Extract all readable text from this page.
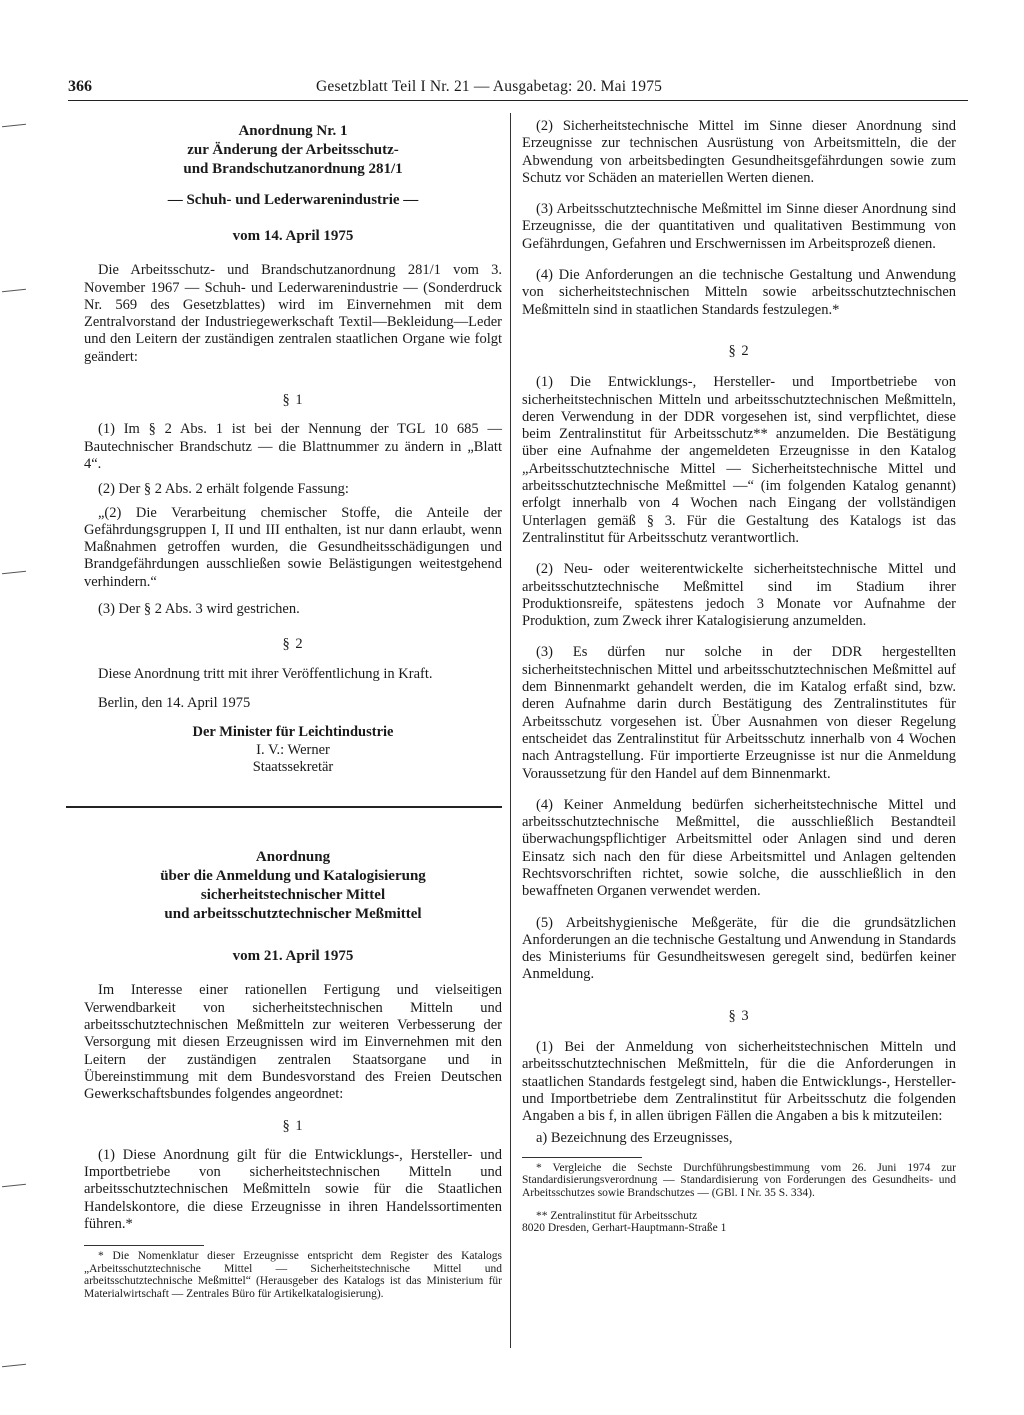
366	Gesetzblatt Teil I Nr. 21 — Ausgabetag: 20. Mai 1975
Anordnung Nr. 1
zur Änderung der Arbeitsschutz-
und Brandschutzanordnung 281/1
— Schuh- und Lederwarenindustrie —
vom 14. April 1975

Die Arbeitsschutz- und Brandschutzanordnung 281/1 vom 3. November 1967 — Schuh- und Lederwarenindustrie — (Sonderdruck Nr. 569 des Gesetzblattes) wird im Einvernehmen mit dem Zentralvorstand der Industriegewerkschaft Textil—Bekleidung—Leder und den Leitern der zuständigen zentralen staatlichen Organe wie folgt geändert:

§ 1

(1) Im § 2 Abs. 1 ist bei der Nennung der TGL 10 685 — Bautechnischer Brandschutz — die Blattnummer zu ändern in „Blatt 4“.

(2) Der § 2 Abs. 2 erhält folgende Fassung:

„(2) Die Verarbeitung chemischer Stoffe, die Anteile der Gefährdungsgruppen I, II und III enthalten, ist nur dann erlaubt, wenn Maßnahmen getroffen wurden, die Gesundheitsschädigungen und Brandgefährdungen ausschließen sowie Belästigungen weitestgehend verhindern.“

(3) Der § 2 Abs. 3 wird gestrichen.

§ 2

Diese Anordnung tritt mit ihrer Veröffentlichung in Kraft.

Berlin, den 14. April 1975

Der Minister für Leichtindustrie
I. V.: Werner
Staatssekretär
Anordnung
über die Anmeldung und Katalogisierung
sicherheitstechnischer Mittel
und arbeitsschutztechnischer Meßmittel
vom 21. April 1975

Im Interesse einer rationellen Fertigung und vielseitigen Verwendbarkeit von sicherheitstechnischen Mitteln und arbeitsschutztechnischen Meßmitteln zur weiteren Verbesserung der Versorgung mit diesen Erzeugnissen wird im Einvernehmen mit den Leitern der zuständigen zentralen Staatsorgane und in Übereinstimmung mit dem Bundesvorstand des Freien Deutschen Gewerkschaftsbundes folgendes angeordnet:

§ 1

(1) Diese Anordnung gilt für die Entwicklungs-, Hersteller- und Importbetriebe von sicherheitstechnischen Mitteln und arbeitsschutztechnischen Meßmitteln sowie für die Staatlichen Handelskontore, die diese Erzeugnisse in ihren Handelssortimenten führen.*

* Die Nomenklatur dieser Erzeugnisse entspricht dem Register des Katalogs „Arbeitsschutztechnische Mittel — Sicherheitstechnische Mittel und arbeitsschutztechnische Meßmittel“ (Herausgeber des Katalogs ist das Ministerium für Materialwirtschaft — Zentrales Büro für Artikelkatalogisierung).

(2) Sicherheitstechnische Mittel im Sinne dieser Anordnung sind Erzeugnisse zur technischen Ausrüstung von Arbeitsmitteln, die der Abwendung von arbeitsbedingten Gesundheitsgefährdungen sowie zum Schutz vor Schäden an materiellen Werten dienen.

(3) Arbeitsschutztechnische Meßmittel im Sinne dieser Anordnung sind Erzeugnisse, die der quantitativen und qualitativen Bestimmung von Gefährdungen, Gefahren und Erschwernissen im Arbeitsprozeß dienen.

(4) Die Anforderungen an die technische Gestaltung und Anwendung von sicherheitstechnischen Mitteln sowie arbeitsschutztechnischen Meßmitteln sind in staatlichen Standards festzulegen.*

§ 2

(1) Die Entwicklungs-, Hersteller- und Importbetriebe von sicherheitstechnischen Mitteln und arbeitsschutztechnischen Meßmitteln, deren Verwendung in der DDR vorgesehen ist, sind verpflichtet, diese beim Zentralinstitut für Arbeitsschutz** anzumelden. Die Bestätigung über eine Aufnahme der angemeldeten Erzeugnisse in den Katalog „Arbeitsschutztechnische Mittel — Sicherheitstechnische Mittel und arbeitsschutztechnische Meßmittel —“ (im folgenden Katalog genannt) erfolgt innerhalb von 4 Wochen nach Eingang der vollständigen Unterlagen gemäß § 3. Für die Gestaltung des Katalogs ist das Zentralinstitut für Arbeitsschutz verantwortlich.

(2) Neu- oder weiterentwickelte sicherheitstechnische Mittel und arbeitsschutztechnische Meßmittel sind im Stadium ihrer Produktionsreife, spätestens jedoch 3 Monate vor Aufnahme der Produktion, zum Zweck ihrer Katalogisierung anzumelden.

(3) Es dürfen nur solche in der DDR hergestellten sicherheitstechnischen Mittel und arbeitsschutztechnischen Meßmittel auf dem Binnenmarkt gehandelt werden, die im Katalog erfaßt sind, bzw. deren Aufnahme darin durch Bestätigung des Zentralinstitutes für Arbeitsschutz vorgesehen ist. Über Ausnahmen von dieser Regelung entscheidet das Zentralinstitut für Arbeitsschutz innerhalb von 4 Wochen nach Antragstellung. Für importierte Erzeugnisse ist nur die Anmeldung Voraussetzung für den Handel auf dem Binnenmarkt.

(4) Keiner Anmeldung bedürfen sicherheitstechnische Mittel und arbeitsschutztechnische Meßmittel, die ausschließlich Bestandteil überwachungspflichtiger Arbeitsmittel oder Anlagen sind und deren Einsatz sich nach den für diese Arbeitsmittel und Anlagen geltenden Rechtsvorschriften richtet, sowie solche, die ausschließlich in den bewaffneten Organen verwendet werden.

(5) Arbeitshygienische Meßgeräte, für die die grundsätzlichen Anforderungen an die technische Gestaltung und Anwendung in Standards des Ministeriums für Gesundheitswesen geregelt sind, bedürfen keiner Anmeldung.

§ 3

(1) Bei der Anmeldung von sicherheitstechnischen Mitteln und arbeitsschutztechnischen Meßmitteln, für die die Anforderungen in staatlichen Standards festgelegt sind, haben die Entwicklungs-, Hersteller- und Importbetriebe dem Zentralinstitut für Arbeitsschutz die folgenden Angaben a bis f, in allen übrigen Fällen die Angaben a bis k mitzuteilen:

a) Bezeichnung des Erzeugnisses,

* Vergleiche die Sechste Durchführungsbestimmung vom 26. Juni 1974 zur Standardisierungsverordnung — Standardisierung von Forderungen des Gesundheits- und Arbeitsschutzes sowie Brandschutzes — (GBl. I Nr. 35 S. 334).

** Zentralinstitut für Arbeitsschutz

8020 Dresden, Gerhart-Hauptmann-Straße 1
